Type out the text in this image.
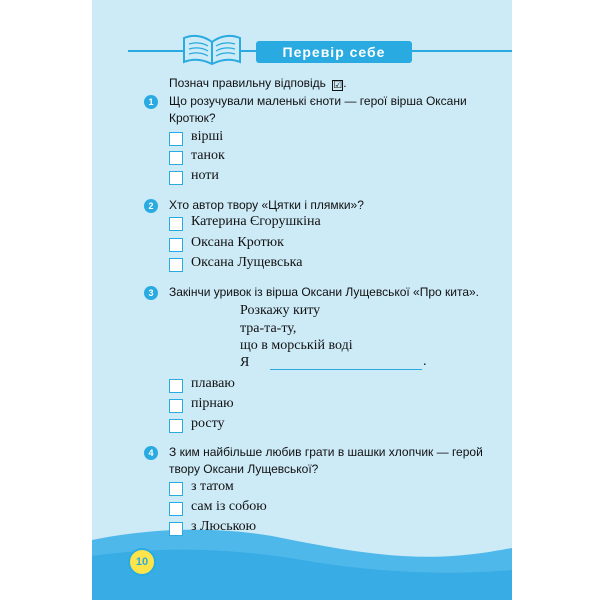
Перевір себе
Познач правильну відповідь ☑.
1	Що розучували маленькі єноти — герої вірша Оксани
Кротюк?
вірші
танок
ноти
2	Хто автор твору «Цятки і плямки»?
Катерина Єгорушкіна
Оксана Кротюк
Оксана Лущевська
3	Закінчи уривок із вірша Оксани Лущевської «Про кита».
Розкажу киту
тра-та-ту,
що в морській воді
Я	.
плаваю
пірнаю
росту
4	З ким найбільше любив грати в шашки хлопчик — герой
твору Оксани Лущевської?
з татом
сам із собою
з Люською
10
